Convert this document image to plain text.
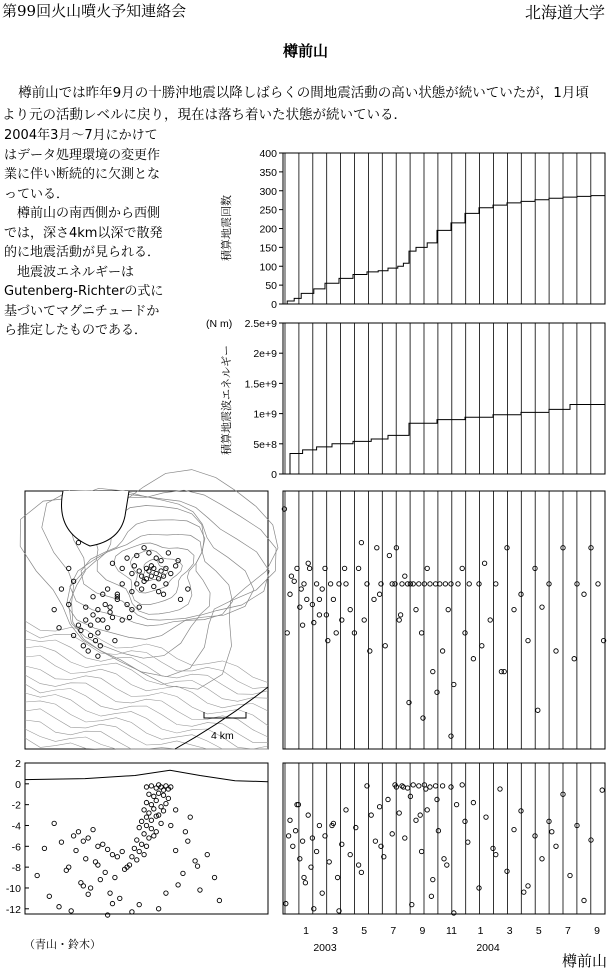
第99回火山噴火予知連絡会	北海道大学
樽前山
樽前山では昨年9月の十勝沖地震以降しばらくの間地震活動の高い状態が続いていたが，1月頃より元の活動レベルに戻り，現在は落ち着いた状態が続いている．

2004年3月～7月にかけてはデータ処理環境の変更作業に伴い断続的に欠測となっている．

樽前山の南西側から西側では，深さ4km以深で散発的に地震活動が見られる．

地震波エネルギーはGutenberg-Richterの式に基づいてマグニチュードから推定したものである．

（青山・鈴木）
樽前山
0
50
100
150
200
250
300
350
400
積算地震回数
0
5e+8
1e+9
1.5e+9
2e+9
2.5e+9
積算地震波エネルギー
(N m)
4 km
2
0
-2
-4
-6
-8
-10
-12
1 3 5 7 9 11 1 3 5 7 9
2003	2004
